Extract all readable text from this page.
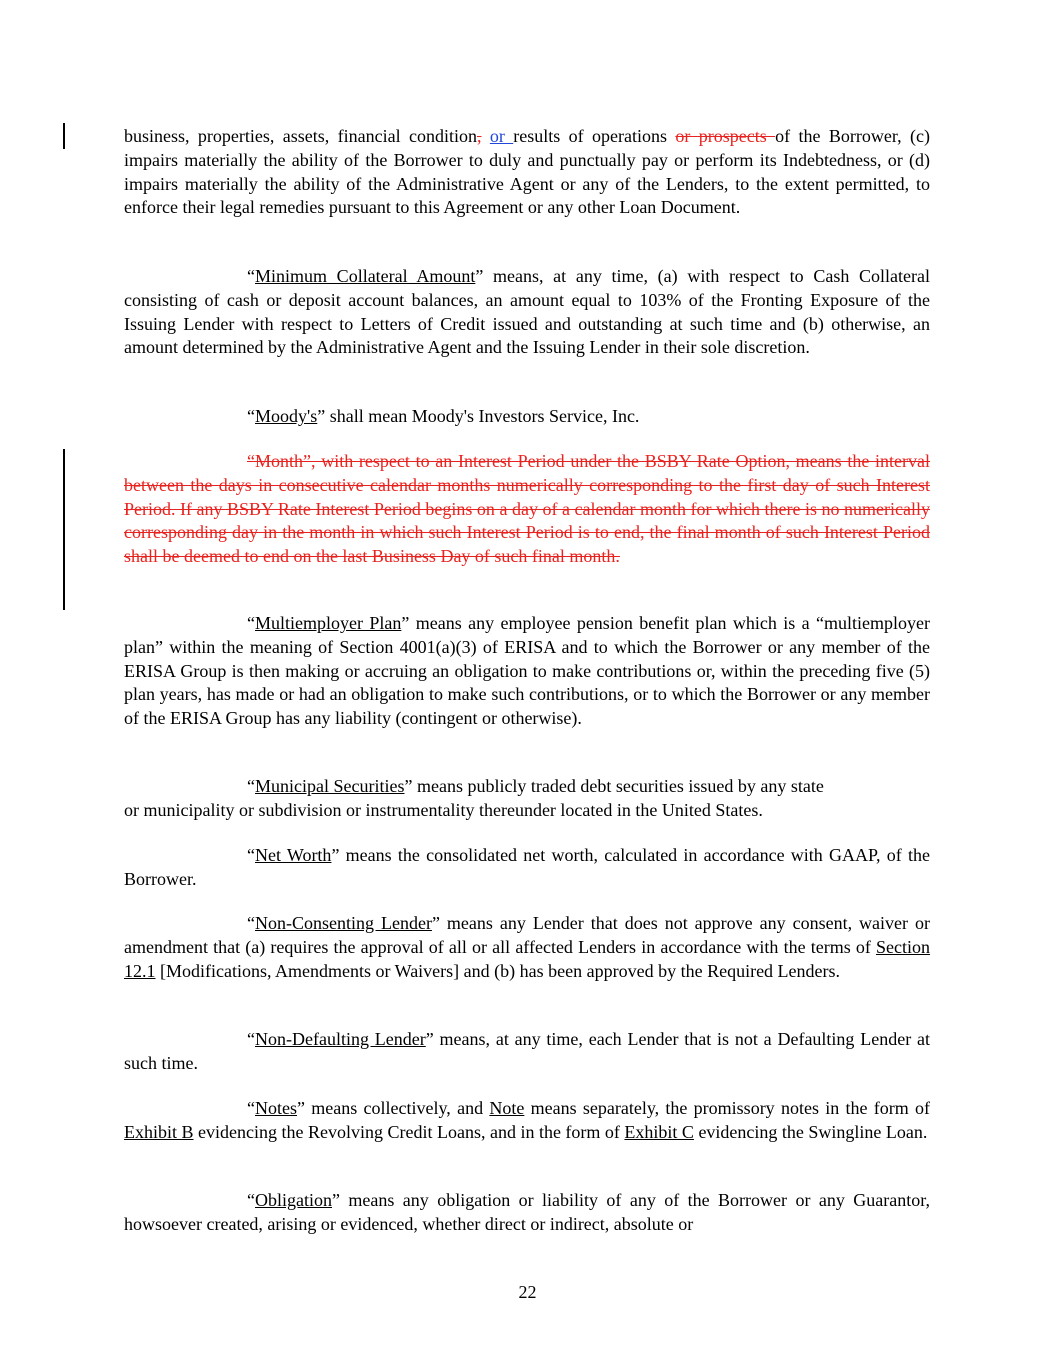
business, properties, assets, financial condition, or results of operations or prospects of the Borrower, (c) impairs materially the ability of the Borrower to duly and punctually pay or perform its Indebtedness, or (d) impairs materially the ability of the Administrative Agent or any of the Lenders, to the extent permitted, to enforce their legal remedies pursuant to this Agreement or any other Loan Document.

“Minimum Collateral Amount” means, at any time, (a) with respect to Cash Collateral consisting of cash or deposit account balances, an amount equal to 103% of the Fronting Exposure of the Issuing Lender with respect to Letters of Credit issued and outstanding at such time and (b) otherwise, an amount determined by the Administrative Agent and the Issuing Lender in their sole discretion.

“Moody's” shall mean Moody's Investors Service, Inc.

“Month”, with respect to an Interest Period under the BSBY Rate Option, means the interval between the days in consecutive calendar months numerically corresponding to the first day of such Interest Period. If any BSBY Rate Interest Period begins on a day of a calendar month for which there is no numerically corresponding day in the month in which such Interest Period is to end, the final month of such Interest Period shall be deemed to end on the last Business Day of such final month.

“Multiemployer Plan” means any employee pension benefit plan which is a “multiemployer plan” within the meaning of Section 4001(a)(3) of ERISA and to which the Borrower or any member of the ERISA Group is then making or accruing an obligation to make contributions or, within the preceding five (5) plan years, has made or had an obligation to make such contributions, or to which the Borrower or any member of the ERISA Group has any liability (contingent or otherwise).

“Municipal Securities” means publicly traded debt securities issued by any state
or municipality or subdivision or instrumentality thereunder located in the United States.

“Net Worth” means the consolidated net worth, calculated in accordance with GAAP, of the Borrower.

“Non-Consenting Lender” means any Lender that does not approve any consent, waiver or amendment that (a) requires the approval of all or all affected Lenders in accordance with the terms of Section 12.1 [Modifications, Amendments or Waivers] and (b) has been approved by the Required Lenders.

“Non-Defaulting Lender” means, at any time, each Lender that is not a Defaulting Lender at such time.

“Notes” means collectively, and Note means separately, the promissory notes in the form of Exhibit B evidencing the Revolving Credit Loans, and in the form of Exhibit C evidencing the Swingline Loan.

“Obligation” means any obligation or liability of any of the Borrower or any Guarantor, howsoever created, arising or evidenced, whether direct or indirect, absolute or

22
